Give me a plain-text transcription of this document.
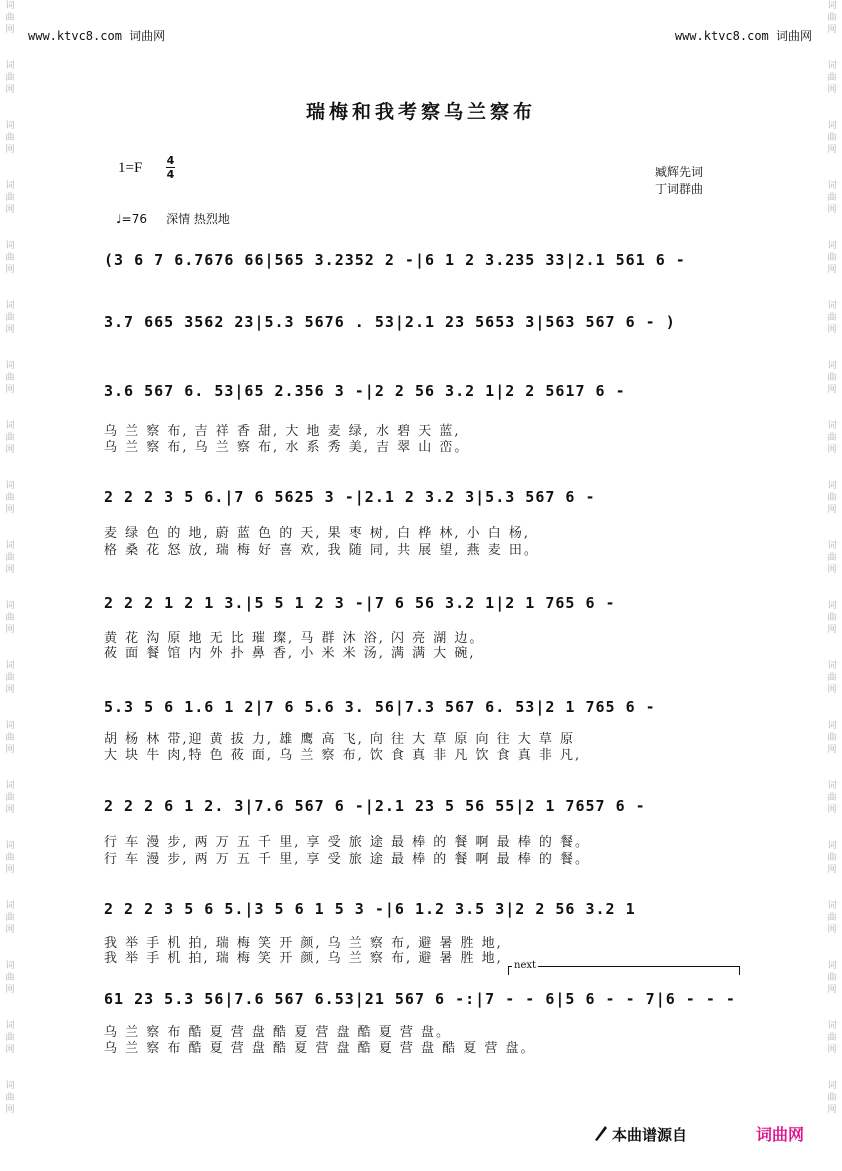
www.ktvc8.com 词曲网	www.ktvc8.com 词曲网
词
曲
网
词
曲
网
词
曲
网
词
曲
网
词
曲
网
词
曲
网
词
曲
网
词
曲
网
词
曲
网
词
曲
网
词
曲
网
词
曲
网
词
曲
网
词
曲
网
词
曲
网
词
曲
网
词
曲
网
词
曲
网
词
曲
网
词
曲
网
词
曲
网
词
曲
网
词
曲
网
词
曲
网
词
曲
网
词
曲
网
词
曲
网
词
曲
网
词
曲
网
词
曲
网
词
曲
网
词
曲
网
词
曲
网
词
曲
网
词
曲
网
词
曲
网
词
曲
网
词
曲
网
瑞梅和我考察乌兰察布
1=F 4
4	臧辉先词
丁词群曲
♩=76 深情 热烈地
(3 6 7 6.7676 66|565 3.2352 2 -|6 1 2 3.235 33|2.1 561 6 -
3.7 665 3562 23|5.3 5676 . 53|2.1 23 5653 3|563 567 6 - )
3.6 567 6. 53|65 2.356 3 -|2 2 56 3.2 1|2 2 5617 6 -
2 2 2 3 5 6.|7 6 5625 3 -|2.1 2 3.2 3|5.3 567 6 -
2 2 2 1 2 1 3.|5 5 1 2 3 -|7 6 56 3.2 1|2 1 765 6 -
5.3 5 6 1.6 1 2|7 6 5.6 3. 56|7.3 567 6. 53|2 1 765 6 -
2 2 2 6 1 2. 3|7.6 567 6 -|2.1 23 5 56 55|2 1 7657 6 -
2 2 2 3 5 6 5.|3 5 6 1 5 3 -|6 1.2 3.5 3|2 2 56 3.2 1
61 23 5.3 56|7.6 567 6.53|21 567 6 -:|7 - - 6|5 6 - - 7|6 - - -
乌 兰 察 布, 吉 祥 香 甜, 大 地 麦 绿, 水 碧 天 蓝,
乌 兰 察 布, 乌 兰 察 布, 水 系 秀 美, 吉 翠 山 峦。
麦 绿 色 的 地, 蔚 蓝 色 的 天, 果 枣 树, 白 桦 林, 小 白 杨,
格 桑 花 怒 放, 瑞 梅 好 喜 欢, 我 随 同, 共 展 望, 燕 麦 田。
黄 花 沟 原 地 无 比 璀 璨, 马 群 沐 浴, 闪 亮 湖 边。
莜 面 餐 馆 内 外 扑 鼻 香, 小 米 米 汤, 满 满 大 碗,
胡 杨 林 带,迎 黄 拔 力, 雄 鹰 高 飞, 向 往 大 草 原 向 往 大 草 原
大 块 牛 肉,特 色 莜 面, 乌 兰 察 布, 饮 食 真 非 凡 饮 食 真 非 凡,
行 车 漫 步, 两 万 五 千 里, 享 受 旅 途 最 棒 的 餐 啊 最 棒 的 餐。
行 车 漫 步, 两 万 五 千 里, 享 受 旅 途 最 棒 的 餐 啊 最 棒 的 餐。
我 举 手 机 拍, 瑞 梅 笑 开 颜, 乌 兰 察 布, 避 暑 胜 地,
我 举 手 机 拍, 瑞 梅 笑 开 颜, 乌 兰 察 布, 避 暑 胜 地,
乌 兰 察 布 酷 夏 营 盘 酷 夏 营 盘 酷 夏 营 盘。
乌 兰 察 布 酷 夏 营 盘 酷 夏 营 盘 酷 夏 营 盘 酷 夏 营 盘。
next
本曲谱源自	词曲网
